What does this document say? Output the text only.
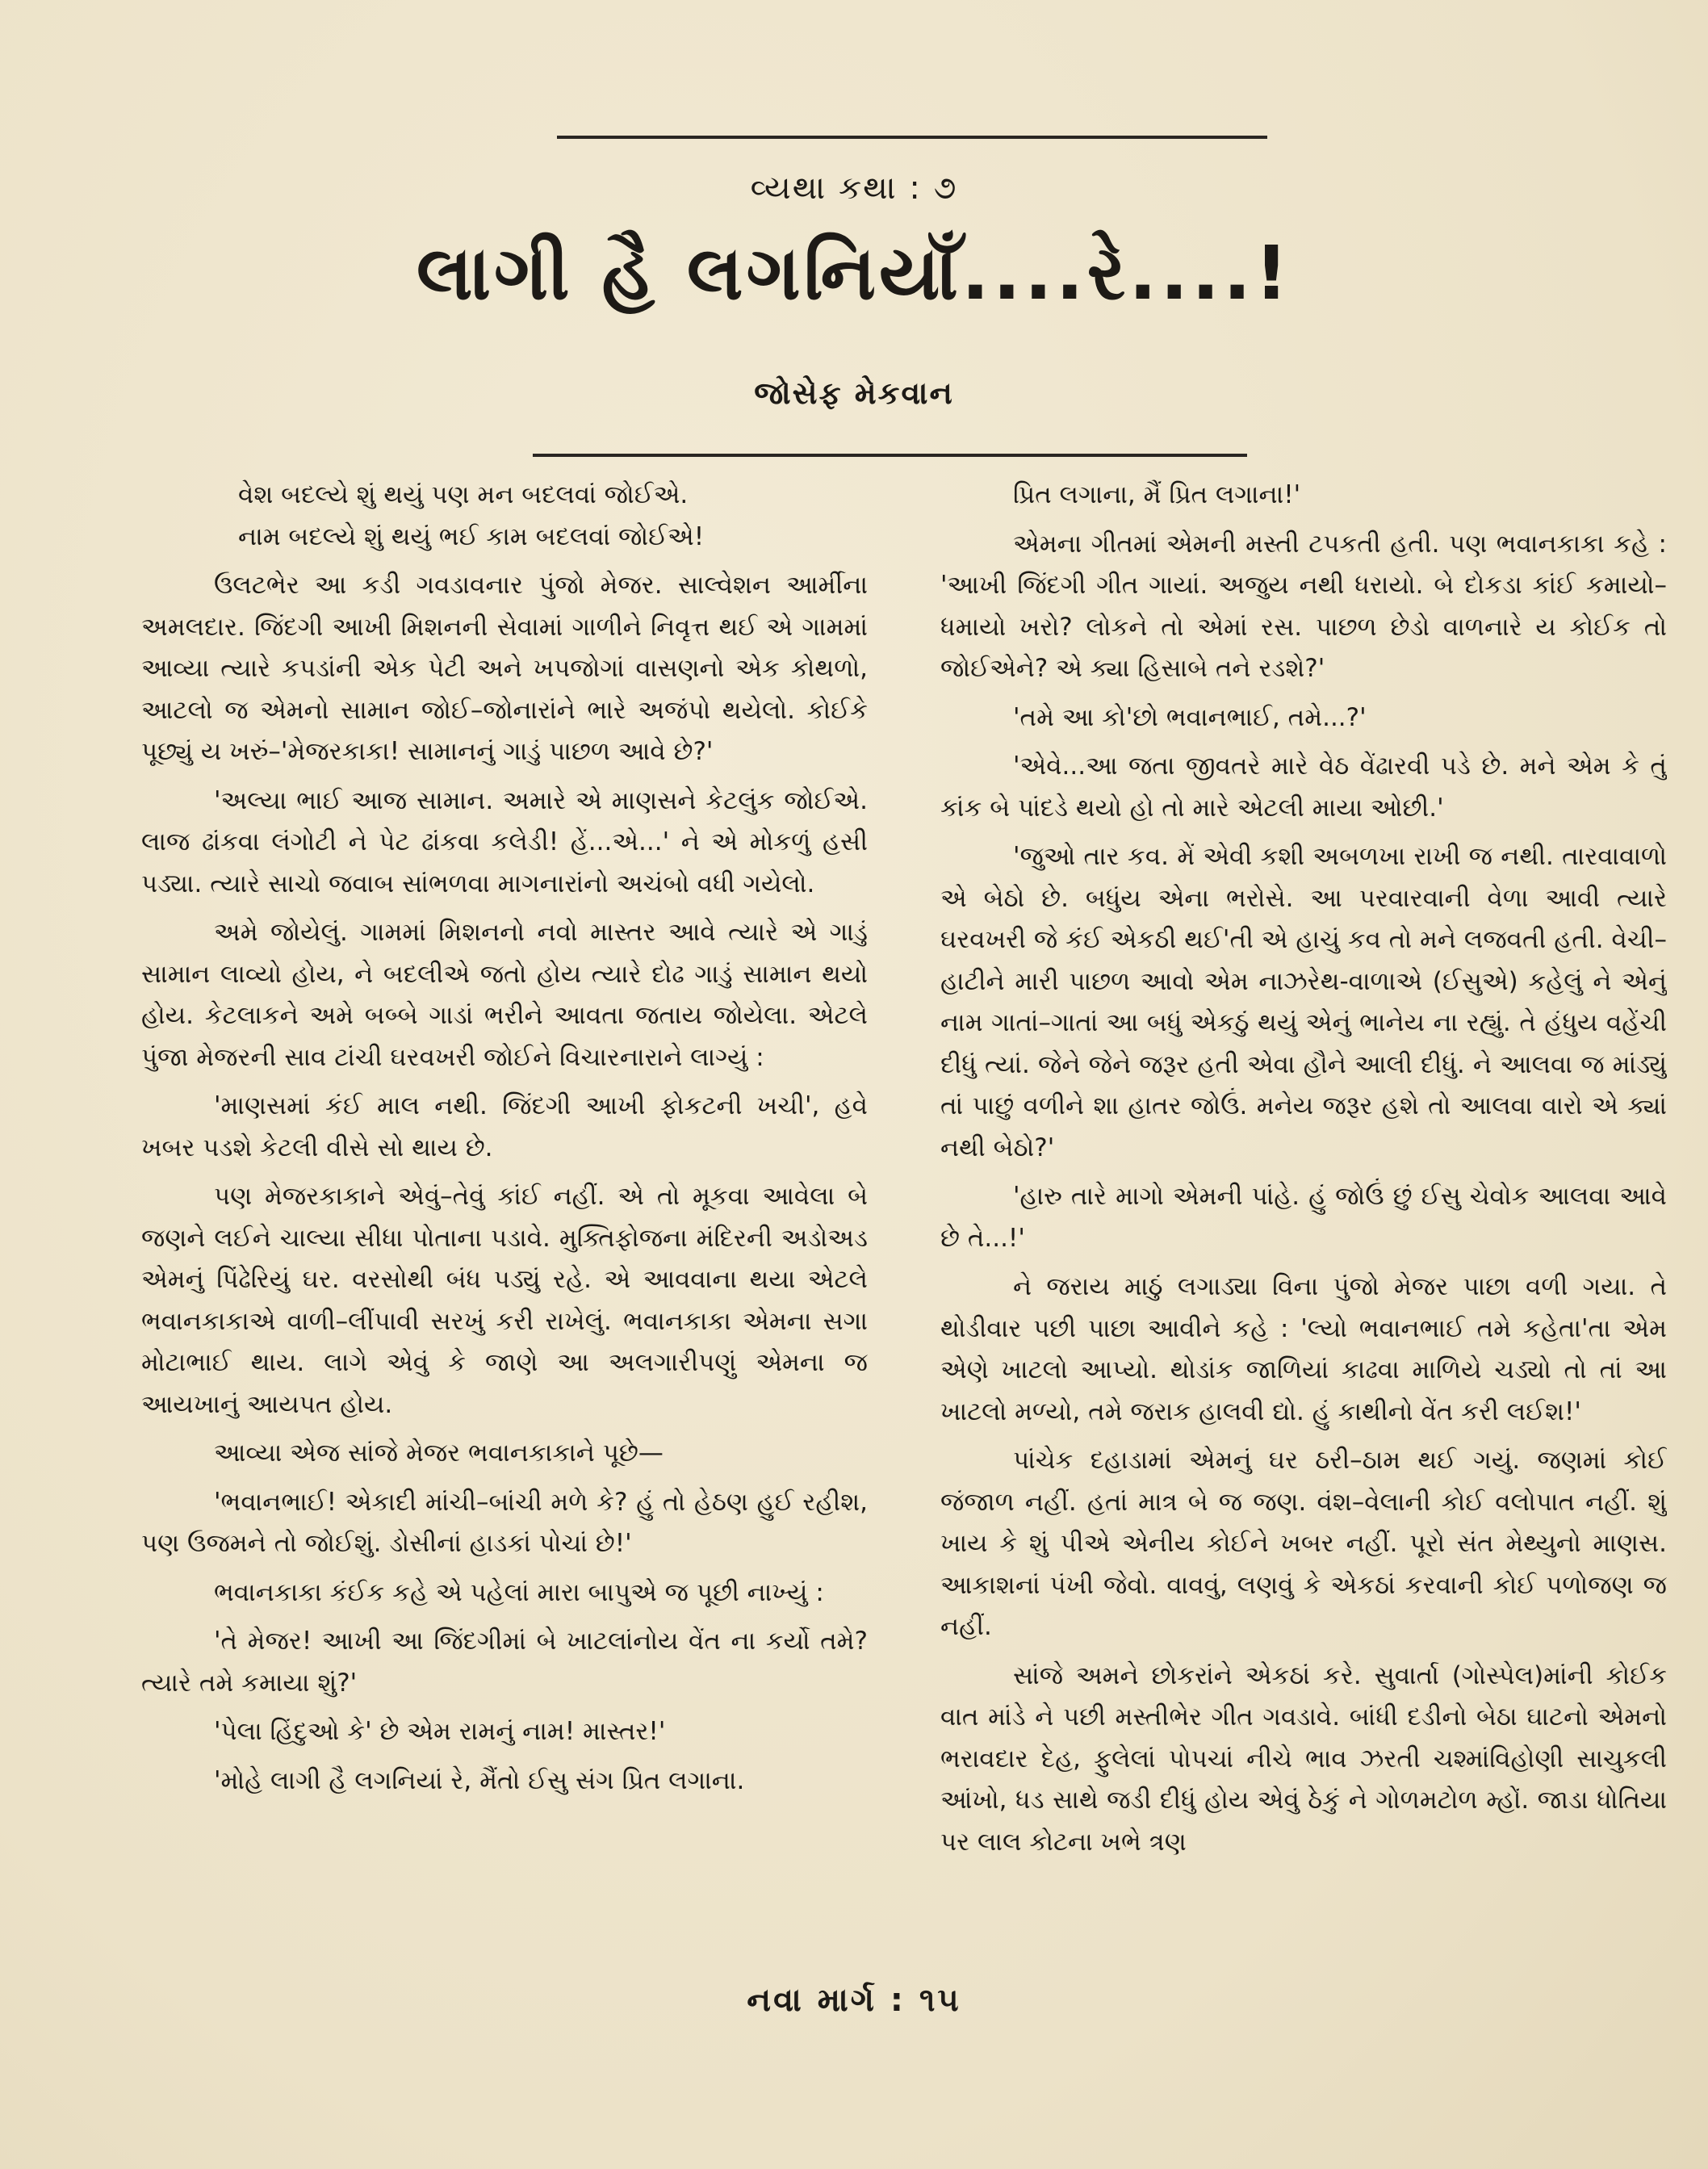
વ્યથા કથા : ૭
લાગી હૈ લગનિયાઁ....રે....!
જોસેફ મેકવાન

વેશ બદલ્યે શું થયું પણ મન બદલવાં જોઈએ.

નામ બદલ્યે શું થયું ભઈ કામ બદલવાં જોઈએ!

ઉલટભેર આ કડી ગવડાવનાર પુંજો મેજર. સાલ્વેશન આર્મીના અમલદાર. જિંદગી આખી મિશનની સેવામાં ગાળીને નિવૃત્ત થઈ એ ગામમાં આવ્યા ત્યારે કપડાંની એક પેટી અને ખપજોગાં વાસણનો એક કોથળો, આટલો જ એમનો સામાન જોઈ–જોનારાંને ભારે અજંપો થયેલો. કોઈકે પૂછ્યું ય ખરું–'મેજરકાકા! સામાનનું ગાડું પાછળ આવે છે?'

'અલ્યા ભાઈ આજ સામાન. અમારે એ માણસને કેટલુંક જોઈએ. લાજ ઢાંકવા લંગોટી ને પેટ ઢાંકવા કલેડી! હેં...એ...' ને એ મોકળું હસી પડ્યા. ત્યારે સાચો જવાબ સાંભળવા માગનારાંનો અચંબો વધી ગયેલો.

અમે જોયેલું. ગામમાં મિશનનો નવો માસ્તર આવે ત્યારે એ ગાડું સામાન લાવ્યો હોય, ને બદલીએ જતો હોય ત્યારે દોઢ ગાડું સામાન થયો હોય. કેટલાકને અમે બબ્બે ગાડાં ભરીને આવતા જતાય જોયેલા. એટલે પુંજા મેજરની સાવ ટાંચી ઘરવખરી જોઈને વિચારનારાને લાગ્યું :

'માણસમાં કંઈ માલ નથી. જિંદગી આખી ફોકટની ખચી', હવે ખબર પડશે કેટલી વીસે સો થાય છે.

પણ મેજરકાકાને એવું–તેવું કાંઈ નહીં. એ તો મૂકવા આવેલા બે જણને લઈને ચાલ્યા સીધા પોતાના પડાવે. મુક્તિફોજના મંદિરની અડોઅડ એમનું પિંઢેરિયું ઘર. વરસોથી બંધ પડ્યું રહે. એ આવવાના થયા એટલે ભવાનકાકાએ વાળી–લીંપાવી સરખું કરી રાખેલું. ભવાનકાકા એમના સગા મોટાભાઈ થાય. લાગે એવું કે જાણે આ અલગારીપણું એમના જ આયખાનું આયપત હોય.

આવ્યા એજ સાંજે મેજર ભવાનકાકાને પૂછે—

'ભવાનભાઈ! એકાદી માંચી–બાંચી મળે કે? હું તો હેઠણ હુઈ રહીશ, પણ ઉજમને તો જોઈશું. ડોસીનાં હાડકાં પોચાં છે!'

ભવાનકાકા કંઈક કહે એ પહેલાં મારા બાપુએ જ પૂછી નાખ્યું :

'તે મેજર! આખી આ જિંદગીમાં બે ખાટલાંનોય વેંત ના કર્યો તમે? ત્યારે તમે કમાયા શું?'

'પેલા હિંદુઓ કે' છે એમ રામનું નામ! માસ્તર!'

'મોહે લાગી હૈ લગનિયાં રે, મૈંતો ઈસુ સંગ પ્રિત લગાના.

પ્રિત લગાના, મૈં પ્રિત લગાના!'

એમના ગીતમાં એમની મસ્તી ટપકતી હતી. પણ ભવાનકાકા કહે : 'આખી જિંદગી ગીત ગાયાં. અજુય નથી ધરાયો. બે દોકડા કાંઈ કમાયો–ધમાયો ખરો? લોકને તો એમાં રસ. પાછળ છેડો વાળનારે ય કોઈક તો જોઈએને? એ ક્યા હિસાબે તને રડશે?'

'તમે આ કો'છો ભવાનભાઈ, તમે...?'

'એવે...આ જતા જીવતરે મારે વેઠ વેંઢારવી પડે છે. મને એમ કે તું કાંક બે પાંદડે થયો હો તો મારે એટલી માયા ઓછી.'

'જુઓ તાર કવ. મેં એવી કશી અબળખા રાખી જ નથી. તારવાવાળો એ બેઠો છે. બધુંય એના ભરોસે. આ પરવારવાની વેળા આવી ત્યારે ઘરવખરી જે કંઈ એકઠી થઈ'તી એ હાચું કવ તો મને લજવતી હતી. વેચી–હાટીને મારી પાછળ આવો એમ નાઝરેથ-વાળાએ (ઈસુએ) કહેલું ને એનું નામ ગાતાં–ગાતાં આ બધું એકઠું થયું એનું ભાનેય ના રહ્યું. તે હંધુય વહેંચી દીધું ત્યાં. જેને જેને જરૂર હતી એવા હૌને આલી દીધું. ને આલવા જ માંડ્યું તાં પાછું વળીને શા હાતર જોઉં. મનેય જરૂર હશે તો આલવા વારો એ ક્યાં નથી બેઠો?'

'હારુ તારે માગો એમની પાંહે. હું જોઉં છું ઈસુ ચેવોક આલવા આવે છે તે...!'

ને જરાય માઠું લગાડ્યા વિના પુંજો મેજર પાછા વળી ગયા. તે થોડીવાર પછી પાછા આવીને કહે : 'લ્યો ભવાનભાઈ તમે કહેતા'તા એમ એણે ખાટલો આપ્યો. થોડાંક જાળિયાં કાઢવા માળિયે ચડ્યો તો તાં આ ખાટલો મળ્યો, તમે જરાક હાલવી દ્યો. હું કાથીનો વેંત કરી લઈશ!'

પાંચેક દહાડામાં એમનું ઘર ઠરી–ઠામ થઈ ગયું. જણમાં કોઈ જંજાળ નહીં. હતાં માત્ર બે જ જણ. વંશ–વેલાની કોઈ વલોપાત નહીં. શું ખાય કે શું પીએ એનીય કોઈને ખબર નહીં. પૂરો સંત મેથ્યુનો માણસ. આકાશનાં પંખી જેવો. વાવવું, લણવું કે એકઠાં કરવાની કોઈ પળોજણ જ નહીં.

સાંજે અમને છોકરાંને એકઠાં કરે. સુવાર્તા (ગોસ્પેલ)માંની કોઈક વાત માંડે ને પછી મસ્તીભેર ગીત ગવડાવે. બાંધી દડીનો બેઠા ઘાટનો એમનો ભરાવદાર દેહ, ફુલેલાં પોપચાં નીચે ભાવ ઝરતી ચશ્માંવિહોણી સાચુકલી આંખો, ધડ સાથે જડી દીધું હોય એવું ઠેકું ને ગોળમટોળ મ્હોં. જાડા ધોતિયા પર લાલ કોટના ખભે ત્રણ

નવા માર્ગ : ૧૫
